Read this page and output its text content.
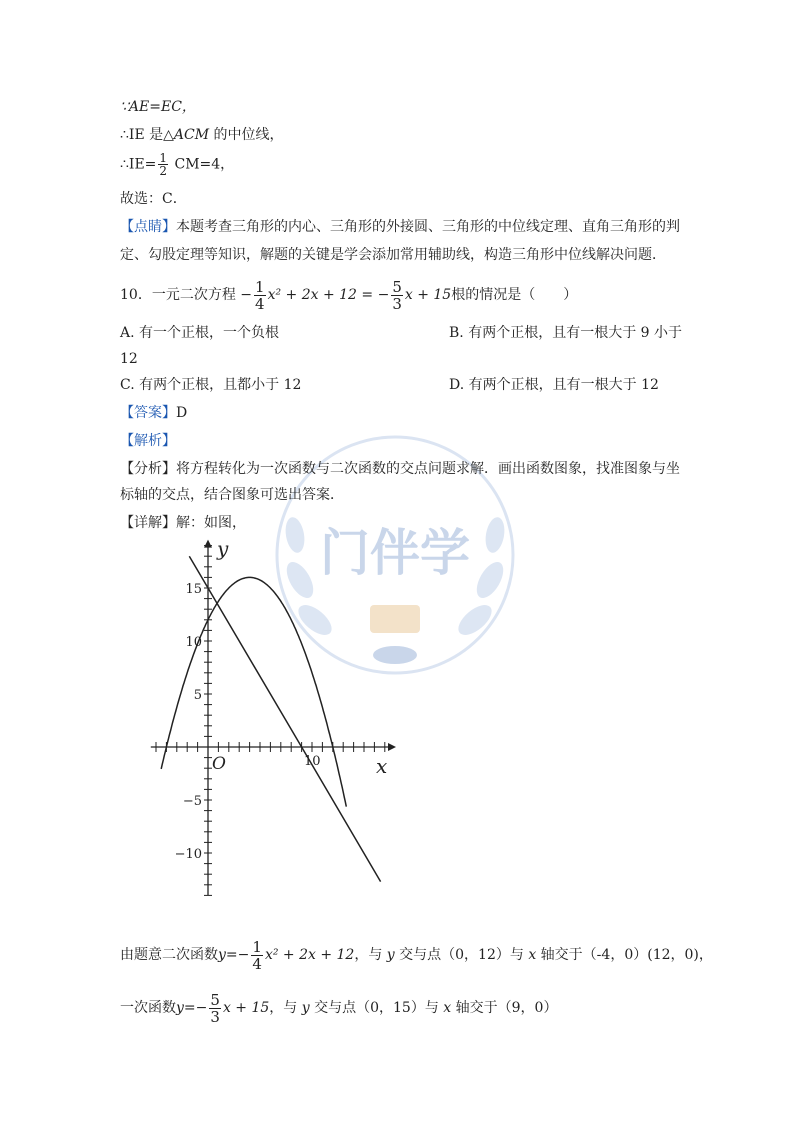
门伴学
∵AE=EC，
∴IE 是△ACM 的中位线，
∴IE= $\frac{1}{2} CM=4$，
故选：C．
【点睛】本题考查三角形的内心、三角形的外接圆、三角形的中位线定理、直角三角形的判
定、勾股定理等知识，解题的关键是学会添加常用辅助线，构造三角形中位线解决问题．
10．一元二次方程 − $\frac{1}{4} x^2 + 2x + 12$ = − $\frac{5}{3}$ x + 15根的情况是（　　）
A. 有一个正根，一个负根	B. 有两个正根，且有一根大于 9 小于
12
C. 有两个正根，且都小于 12	D. 有两个正根，且有一根大于 12
【答案】D
【解析】
【分析】将方程转化为一次函数与二次函数的交点问题求解．画出函数图象，找准图象与坐
标轴的交点，结合图象可选出答案．
【详解】解：如图，
15
10
5
−5
−10
10
O	x
y
由题意二次函数$y=- \frac{1}{4} x^2 + 2x + 12$，与 y 交与点（0，12）与 x 轴交于（-4，0）(12，0)，
一次函数$y=- \frac{5}{3}$ x + 15，与 y 交与点（0，15）与 x 轴交于（9，0）
